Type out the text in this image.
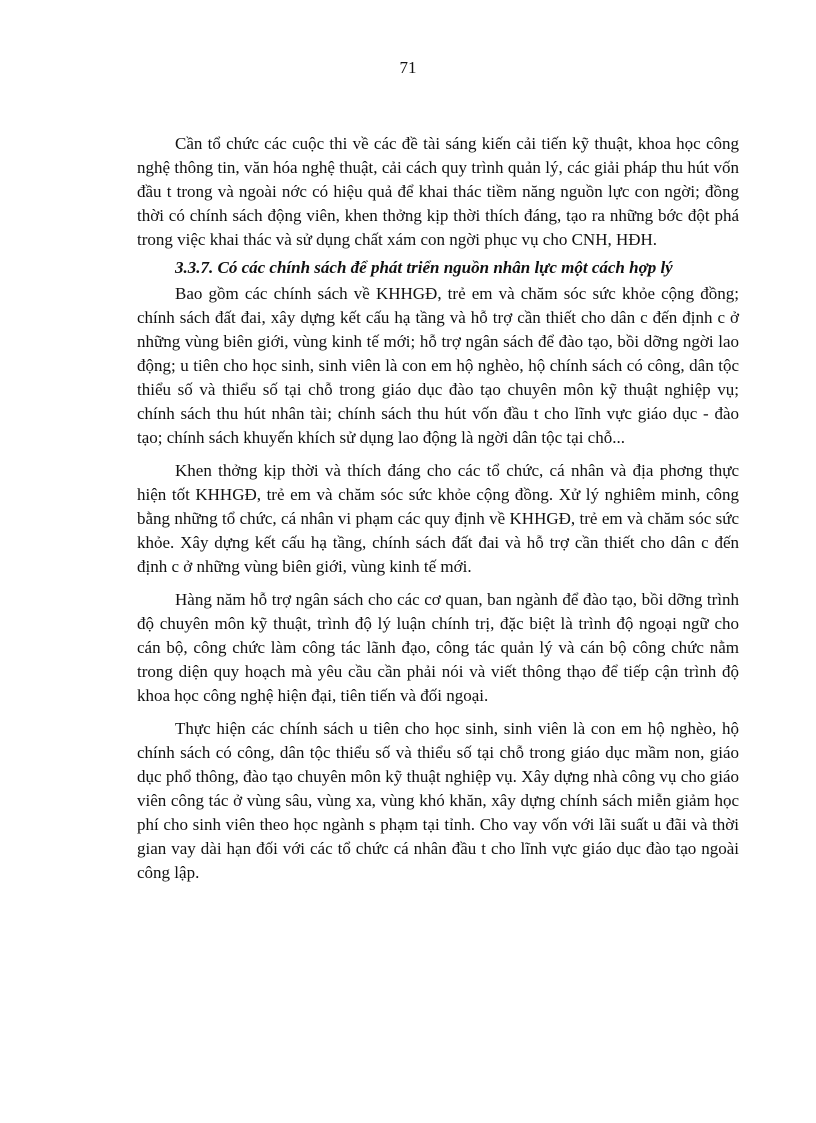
71

Cần tổ chức các cuộc thi về các đề tài sáng kiến cải tiến kỹ thuật, khoa học công nghệ thông tin, văn hóa nghệ thuật, cải cách quy trình quản lý, các giải pháp thu hút vốn đầu t trong và ngoài nớc có hiệu quả để khai thác tiềm năng nguồn lực con ngời; đồng thời có chính sách động viên, khen thởng kịp thời thích đáng, tạo ra những bớc đột phá trong việc khai thác và sử dụng chất xám con ngời phục vụ cho CNH, HĐH.

3.3.7. Có các chính sách để phát triển nguồn nhân lực một cách hợp lý

Bao gồm các chính sách về KHHGĐ, trẻ em và chăm sóc sức khỏe cộng đồng; chính sách đất đai, xây dựng kết cấu hạ tầng và hỗ trợ cần thiết cho dân c đến định c ở những vùng biên giới, vùng kinh tế mới; hỗ trợ ngân sách để đào tạo, bồi dỡng ngời lao động; u tiên cho học sinh, sinh viên là con em hộ nghèo, hộ chính sách có công, dân tộc thiểu số và thiểu số tại chỗ trong giáo dục đào tạo chuyên môn kỹ thuật nghiệp vụ; chính sách thu hút nhân tài; chính sách thu hút vốn đầu t cho lĩnh vực giáo dục - đào tạo; chính sách khuyến khích sử dụng lao động là ngời dân tộc tại chỗ...

Khen thởng kịp thời và thích đáng cho các tổ chức, cá nhân và địa phơng thực hiện tốt KHHGĐ, trẻ em và chăm sóc sức khỏe cộng đồng. Xử lý nghiêm minh, công bằng những tổ chức, cá nhân vi phạm các quy định về KHHGĐ, trẻ em và chăm sóc sức khỏe. Xây dựng kết cấu hạ tầng, chính sách đất đai và hỗ trợ cần thiết cho dân c đến định c ở những vùng biên giới, vùng kinh tế mới.

Hàng năm hỗ trợ ngân sách cho các cơ quan, ban ngành để đào tạo, bồi dỡng trình độ chuyên môn kỹ thuật, trình độ lý luận chính trị, đặc biệt là trình độ ngoại ngữ cho cán bộ, công chức làm công tác lãnh đạo, công tác quản lý và cán bộ công chức nằm trong diện quy hoạch mà yêu cầu cần phải nói và viết thông thạo để tiếp cận trình độ khoa học công nghệ hiện đại, tiên tiến và đối ngoại.

Thực hiện các chính sách u tiên cho học sinh, sinh viên là con em hộ nghèo, hộ chính sách có công, dân tộc thiểu số và thiểu số tại chỗ trong giáo dục mầm non, giáo dục phổ thông, đào tạo chuyên môn kỹ thuật nghiệp vụ. Xây dựng nhà công vụ cho giáo viên công tác ở vùng sâu, vùng xa, vùng khó khăn, xây dựng chính sách miễn giảm học phí cho sinh viên theo học ngành s phạm tại tỉnh. Cho vay vốn với lãi suất u đãi và thời gian vay dài hạn đối với các tổ chức cá nhân đầu t cho lĩnh vực giáo dục đào tạo ngoài công lập.
